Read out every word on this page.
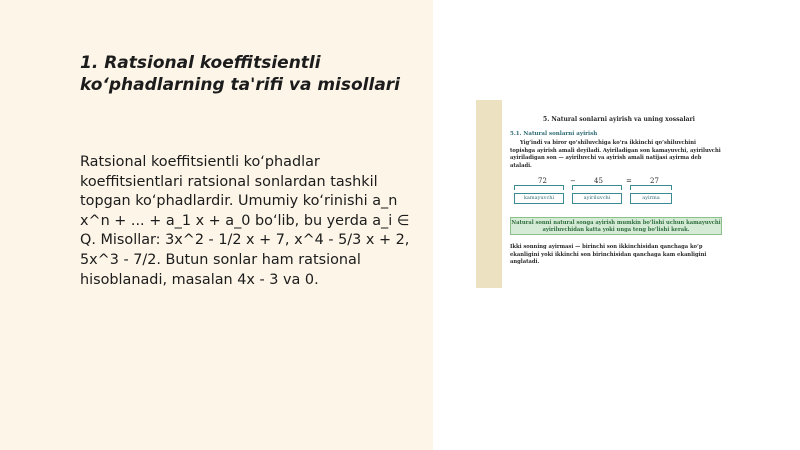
1. Ratsional koeffitsientli ko‘phadlarning ta'rifi va misollari
Ratsional koeffitsientli ko‘phadlar koeffitsientlari ratsional sonlardan tashkil topgan ko‘phadlardir. Umumiy ko‘rinishi a_n x^n + ... + a_1 x + a_0 bo‘lib, bu yerda a_i ∈ Q. Misollar: 3x^2 - 1/2 x + 7, x^4 - 5/3 x + 2, 5x^3 - 7/2. Butun sonlar ham ratsional hisoblanadi, masalan 4x - 3 va 0.
5. Natural sonlarni ayirish va uning xossalari
5.1. Natural sonlarni ayirish
Yig‘indi va biror qo‘shiluvchiga ko‘ra ikkinchi qo‘shiluvchini topishga ayirish amali deyiladi. Ayiriladigan son kamayuvchi, ayiriluvchi ayiriladigan son — ayiriluvchi va ayirish amali natijasi ayirma deb ataladi.
72	−	45	=	27
kamayuvchi	ayiriluvchi	ayirma
Natural sonni natural songa ayirish mumkin bo‘lishi uchun kamayuvchi ayiriluvchidan katta yoki unga teng bo‘lishi kerak.
Ikki sonning ayirmasi — birinchi son ikkinchisidan qanchaga ko‘p ekanligini yoki ikkinchi son birinchisidan qanchaga kam ekanligini anglatadi.
